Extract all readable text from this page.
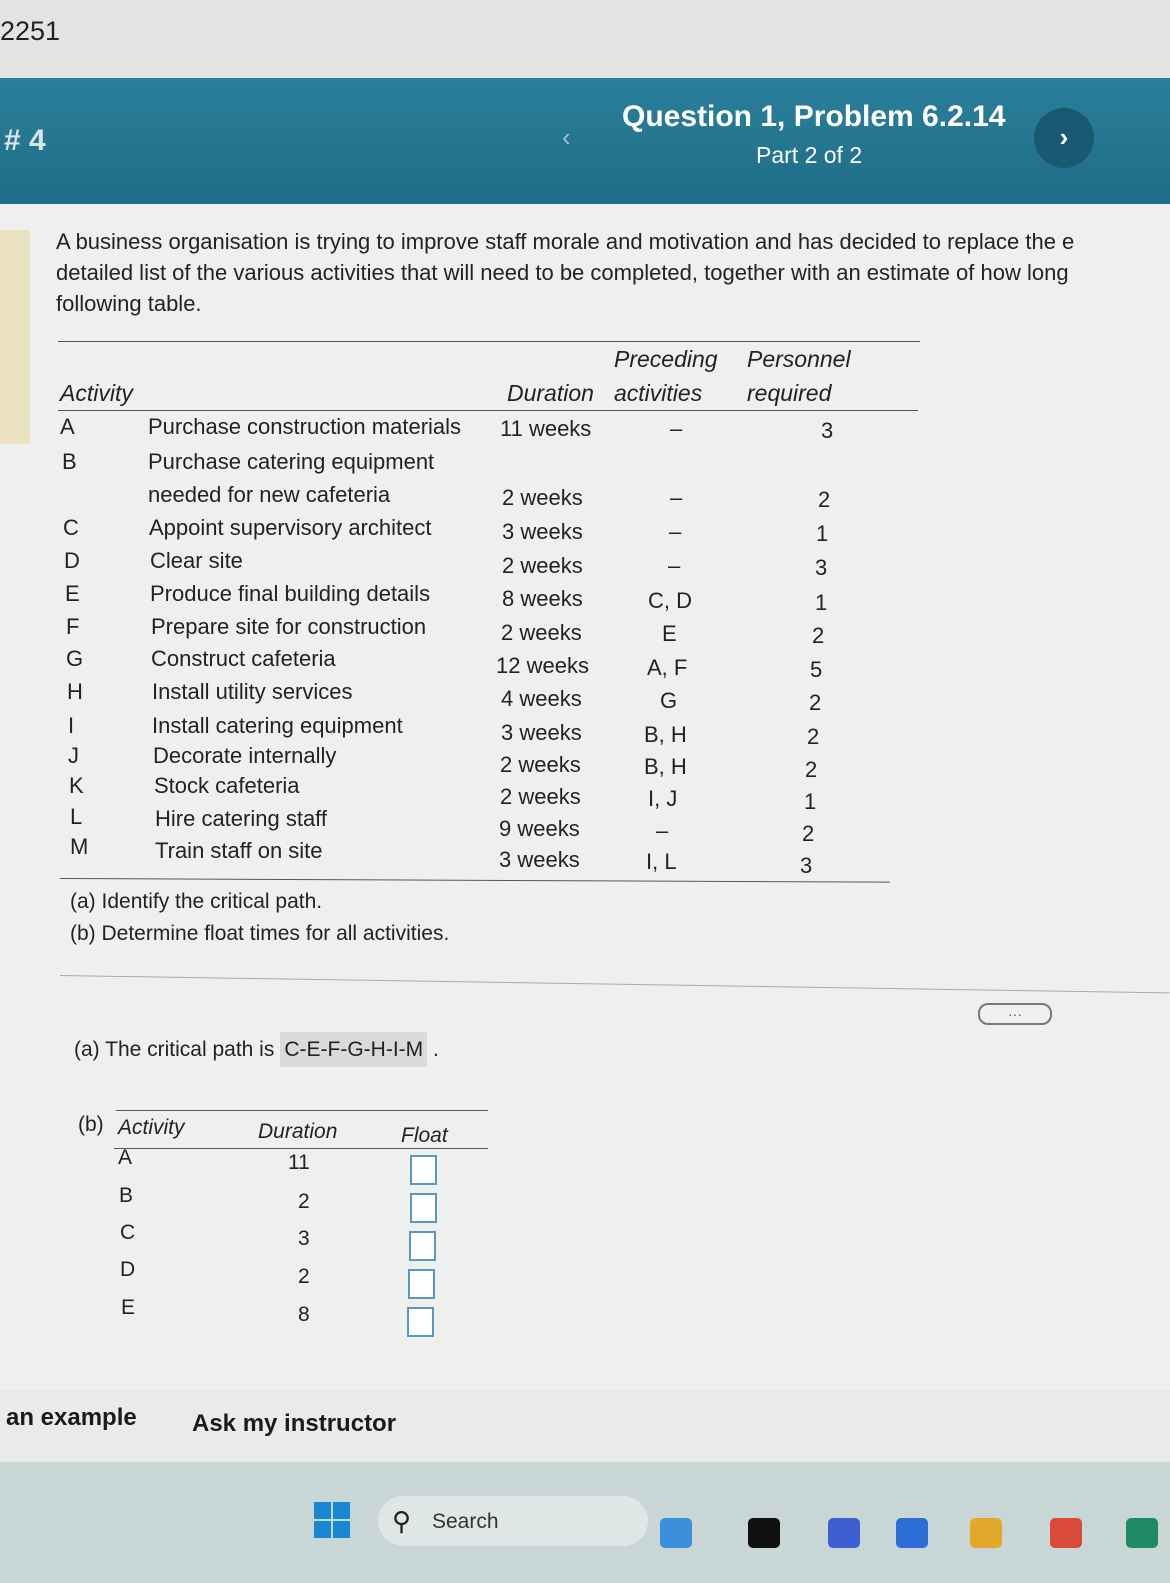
2251
# 4	‹
Question 1, Problem 6.2.14
Part 2 of 2
›
A business organisation is trying to improve staff morale and motivation and has decided to replace the e
detailed list of the various activities that will need to be completed, together with an estimate of how long
following table.
Preceding Personnel
Activity	Duration activities required
A	Purchase construction materials 11 weeks	–	3
B	Purchase catering equipment
needed for new cafeteria	2 weeks	–	2
C	Appoint supervisory architect	3 weeks	–	1
D	Clear site	2 weeks	–	3
E	Produce final building details	8 weeks	C, D	1
F	Prepare site for construction	2 weeks	E	2
G	Construct cafeteria	12 weeks	A, F	5
H	Install utility services	4 weeks	G	2
I	Install catering equipment	3 weeks	B, H	2
J	Decorate internally	2 weeks	B, H	2
K	Stock cafeteria	2 weeks	I, J	1
L	Hire catering staff	9 weeks	–	2
M	Train staff on site	3 weeks	I, L	3
(a) Identify the critical path.
(b) Determine float times for all activities.
···
(a) The critical path is C-E-F-G-H-I-M .
(b) Activity	Duration	Float
A	11
B	2
C	3
D	2
E	8
an example Ask my instructor
⚲ Search
